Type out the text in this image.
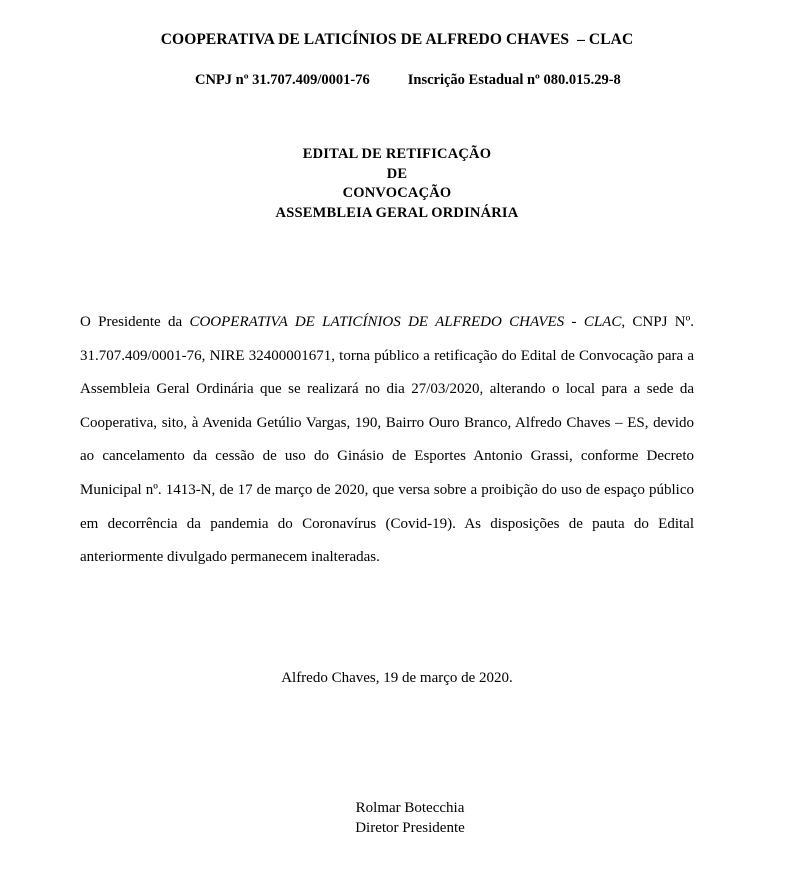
COOPERATIVA DE LATICÍNIOS DE ALFREDO CHAVES  – CLAC

CNPJ nº 31.707.409/0001-76	Inscrição Estadual nº 080.015.29-8

EDITAL DE RETIFICAÇÃO
DE
CONVOCAÇÃO
ASSEMBLEIA GERAL ORDINÁRIA

O Presidente da COOPERATIVA DE LATICÍNIOS DE ALFREDO CHAVES - CLAC, CNPJ Nº. 31.707.409/0001-76, NIRE 32400001671, torna público a retificação do Edital de Convocação para a Assembleia Geral Ordinária que se realizará no dia 27/03/2020, alterando o local para a sede da Cooperativa, sito, à Avenida Getúlio Vargas, 190, Bairro Ouro Branco, Alfredo Chaves – ES, devido ao cancelamento da cessão de uso do Ginásio de Esportes Antonio Grassi, conforme Decreto Municipal nº. 1413-N, de 17 de março de 2020, que versa sobre a proibição do uso de espaço público em decorrência da pandemia do Coronavírus (Covid-19). As disposições de pauta do Edital anteriormente divulgado permanecem inalteradas.

Alfredo Chaves, 19 de março de 2020.
Rolmar Botecchia
Diretor Presidente
